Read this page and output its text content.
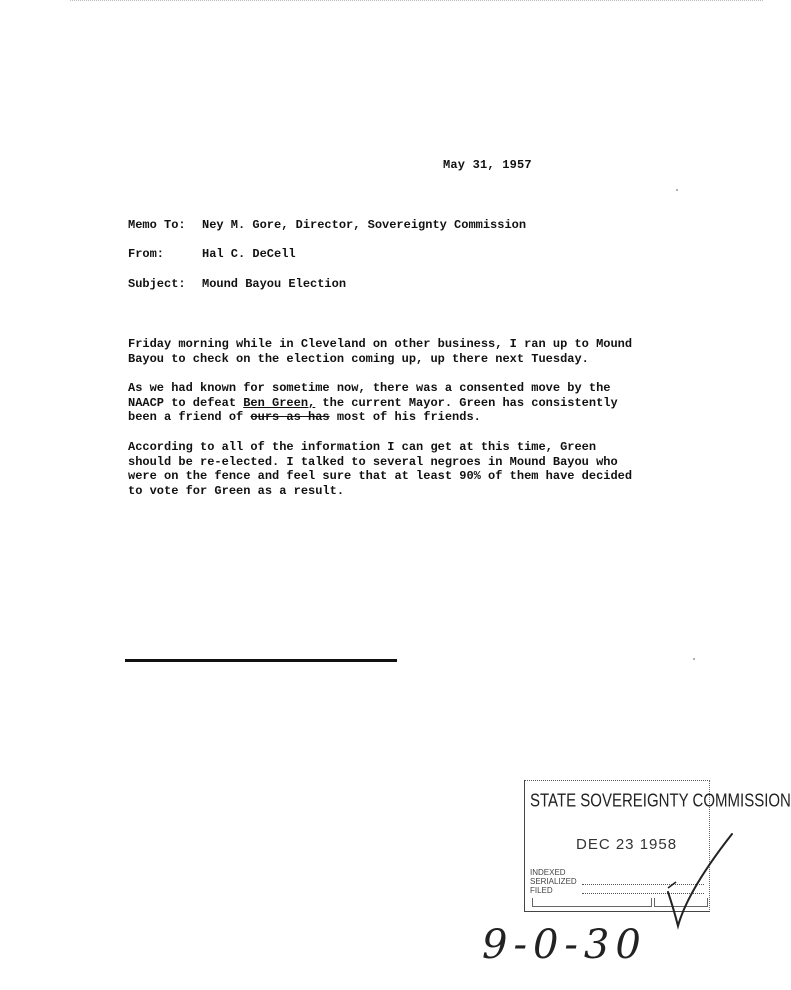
May 31, 1957
Memo To: Ney M. Gore, Director, Sovereignty Commission
From:	Hal C. DeCell
Subject: Mound Bayou Election
Friday morning while in Cleveland on other business, I ran up to Mound
Bayou to check on the election coming up, up there next Tuesday.
As we had known for sometime now, there was a consented move by the
NAACP to defeat Ben Green, the current Mayor. Green has consistently
been a friend of ours as has most of his friends.
According to all of the information I can get at this time, Green
should be re-elected. I talked to several negroes in Mound Bayou who
were on the fence and feel sure that at least 90% of them have decided
to vote for Green as a result.
STATE SOVEREIGNTY COMMISSION
DEC 23 1958
INDEXED
SERIALIZED
FILED
9-0-30
